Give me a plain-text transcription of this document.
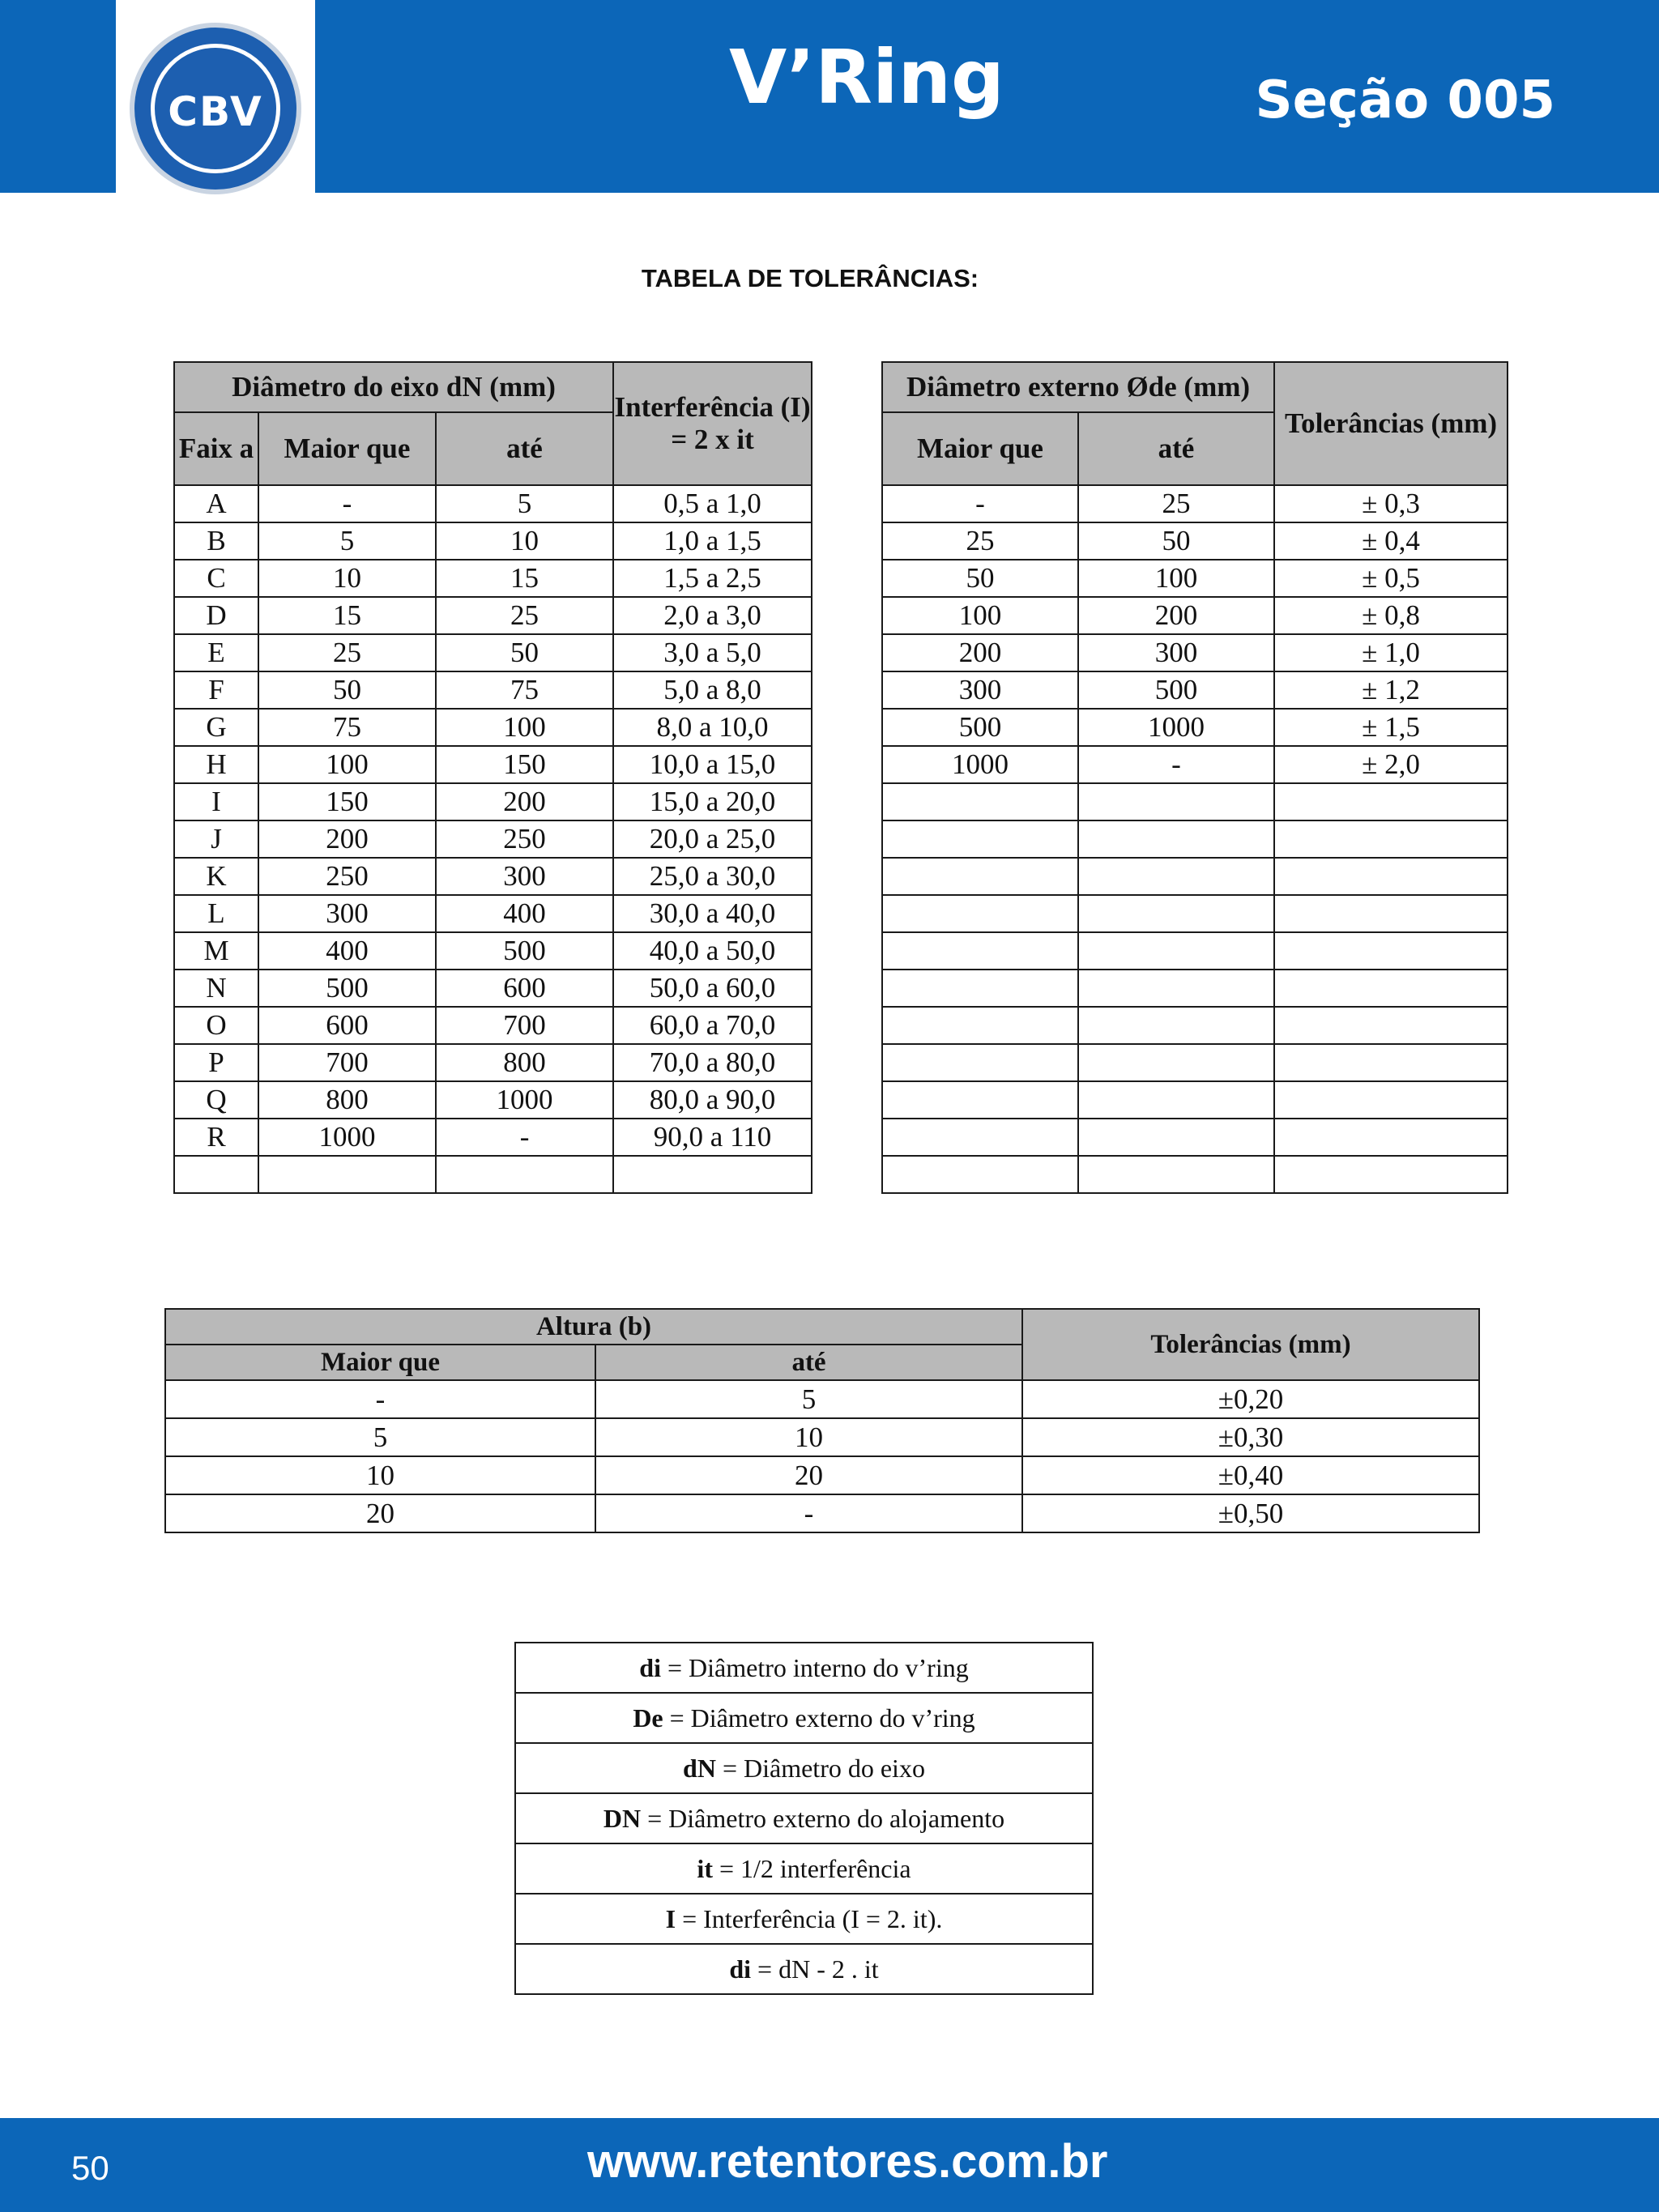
CBV	V’Ring	Seção 005
TABELA DE TOLERÂNCIAS:
Diâmetro do eixo dN (mm)			Interferência (I) = 2 x it
Faix a	Maior que	até	
A	-	5	0,5 a 1,0
B	5	10	1,0 a 1,5
C	10	15	1,5 a 2,5
D	15	25	2,0 a 3,0
E	25	50	3,0 a 5,0
F	50	75	5,0 a 8,0
G	75	100	8,0 a 10,0
H	100	150	10,0 a 15,0
I	150	200	15,0 a 20,0
J	200	250	20,0 a 25,0
K	250	300	25,0 a 30,0
L	300	400	30,0 a 40,0
M	400	500	40,0 a 50,0
N	500	600	50,0 a 60,0
O	600	700	60,0 a 70,0
P	700	800	70,0 a 80,0
Q	800	1000	80,0 a 90,0
R	1000	-	90,0 a 110

Diâmetro externo Øde (mm)		Tolerâncias (mm)
Maior que	até	
-	25	± 0,3
25	50	± 0,4
50	100	± 0,5
100	200	± 0,8
200	300	± 1,0
300	500	± 1,2
500	1000	± 1,5
1000	-	± 2,0

Altura (b)		Tolerâncias (mm)
Maior que	até	
-	5	±0,20
5	10	±0,30
10	20	±0,40
20	-	±0,50
di = Diâmetro interno do v’ring
De = Diâmetro externo do v’ring
dN = Diâmetro do eixo
DN = Diâmetro externo do alojamento
it = 1/2 interferência
I = Interferência (I = 2. it).
di = dN - 2 . it
50	www.retentores.com.br
